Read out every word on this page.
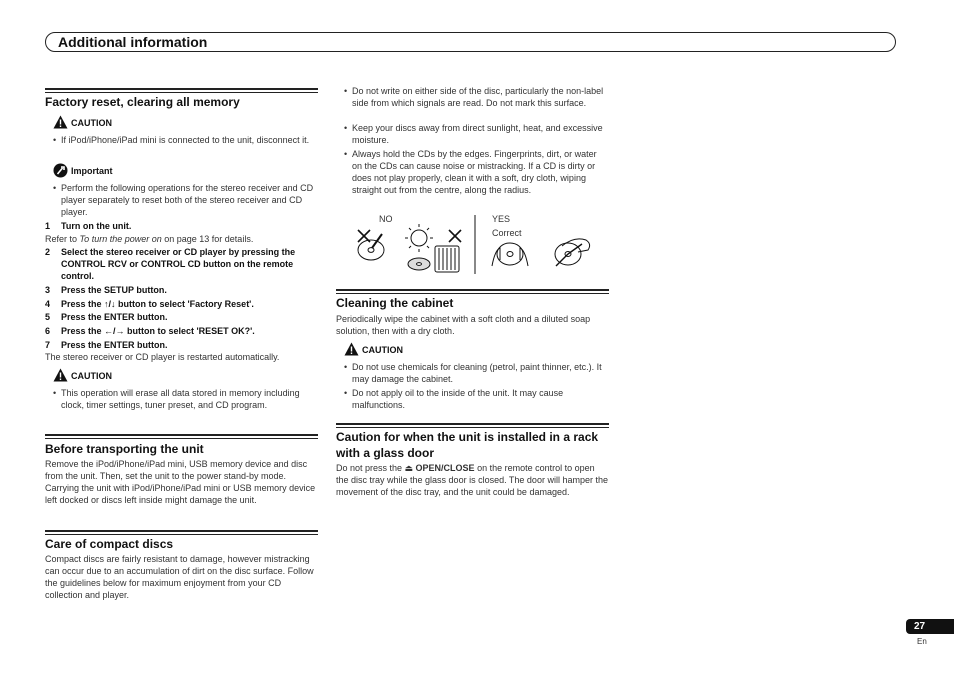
Additional information
Factory reset, clearing all memory
CAUTION
• If iPod/iPhone/iPad mini is connected to the unit, disconnect it.
Important
• Perform the following operations for the stereo receiver and CD player separately to reset both of the stereo receiver and CD player.
1	Turn on the unit.
Refer to To turn the power on on page 13 for details.
2	Select the stereo receiver or CD player by pressing the CONTROL RCV or CONTROL CD button on the remote control.
3	Press the SETUP button.
4	Press the ↑/↓ button to select 'Factory Reset'.
5	Press the ENTER button.
6	Press the ←/→ button to select 'RESET OK?'.
7	Press the ENTER button.
The stereo receiver or CD player is restarted automatically.
CAUTION
• This operation will erase all data stored in memory including clock, timer settings, tuner preset, and CD program.
Before transporting the unit
Remove the iPod/iPhone/iPad mini, USB memory device and disc from the unit. Then, set the unit to the power stand-by mode. Carrying the unit with iPod/iPhone/iPad mini or USB memory device left docked or discs left inside might damage the unit.
Care of compact discs
Compact discs are fairly resistant to damage, however mistracking can occur due to an accumulation of dirt on the disc surface. Follow the guidelines below for maximum enjoyment from your CD collection and player.
• Do not write on either side of the disc, particularly the non-label side from which signals are read. Do not mark this surface.
• Keep your discs away from direct sunlight, heat, and excessive moisture.
• Always hold the CDs by the edges. Fingerprints, dirt, or water on the CDs can cause noise or mistracking. If a CD is dirty or does not play properly, clean it with a soft, dry cloth, wiping straight out from the centre, along the radius.
NO	YES
Correct
Cleaning the cabinet
Periodically wipe the cabinet with a soft cloth and a diluted soap solution, then with a dry cloth.
CAUTION
• Do not use chemicals for cleaning (petrol, paint thinner, etc.). It may damage the cabinet.
• Do not apply oil to the inside of the unit. It may cause malfunctions.
Caution for when the unit is installed in a rack with a glass door
Do not press the ⏏ OPEN/CLOSE on the remote control to open the disc tray while the glass door is closed. The door will hamper the movement of the disc tray, and the unit could be damaged.
27
En
